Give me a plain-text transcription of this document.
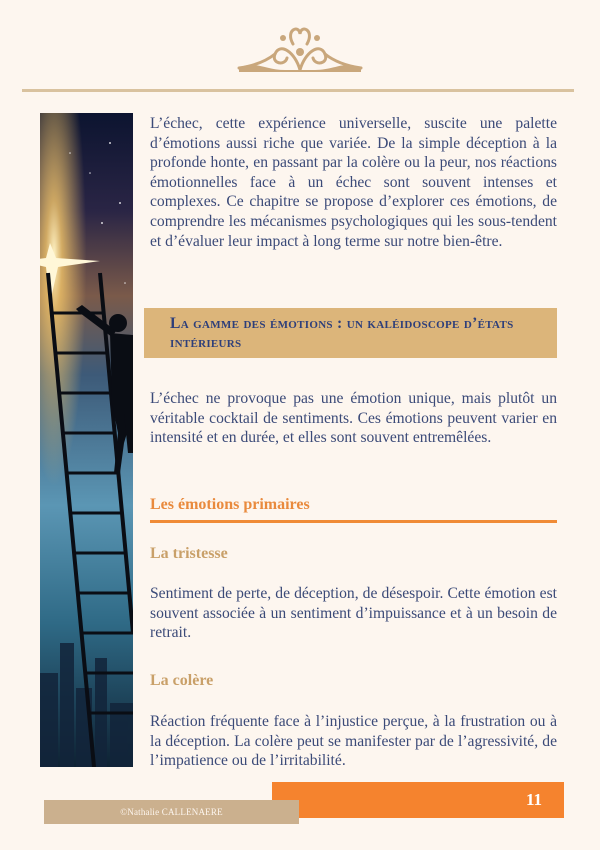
L’échec, cette expérience universelle, suscite une palette d’émotions aussi riche que variée. De la simple déception à la profonde honte, en passant par la colère ou la peur, nos réactions émotionnelles face à un échec sont souvent intenses et complexes. Ce chapitre se propose d’explorer ces émotions, de comprendre les mécanismes psychologiques qui les sous-tendent et d’évaluer leur impact à long terme sur notre bien-être.

La gamme des émotions : un kaléidoscope d’états intérieurs

L’échec ne provoque pas une émotion unique, mais plutôt un véritable cocktail de sentiments. Ces émotions peuvent varier en intensité et en durée, et elles sont souvent entremêlées.

Les émotions primaires
La tristesse

Sentiment de perte, de déception, de désespoir. Cette émotion est souvent associée à un sentiment d’impuissance et à un besoin de retrait.

La colère

Réaction fréquente face à l’injustice perçue, à la frustration ou à la déception. La colère peut se manifester par de l’agressivité, de l’impatience ou de l’irritabilité.

11
©Nathalie CALLENAERE
